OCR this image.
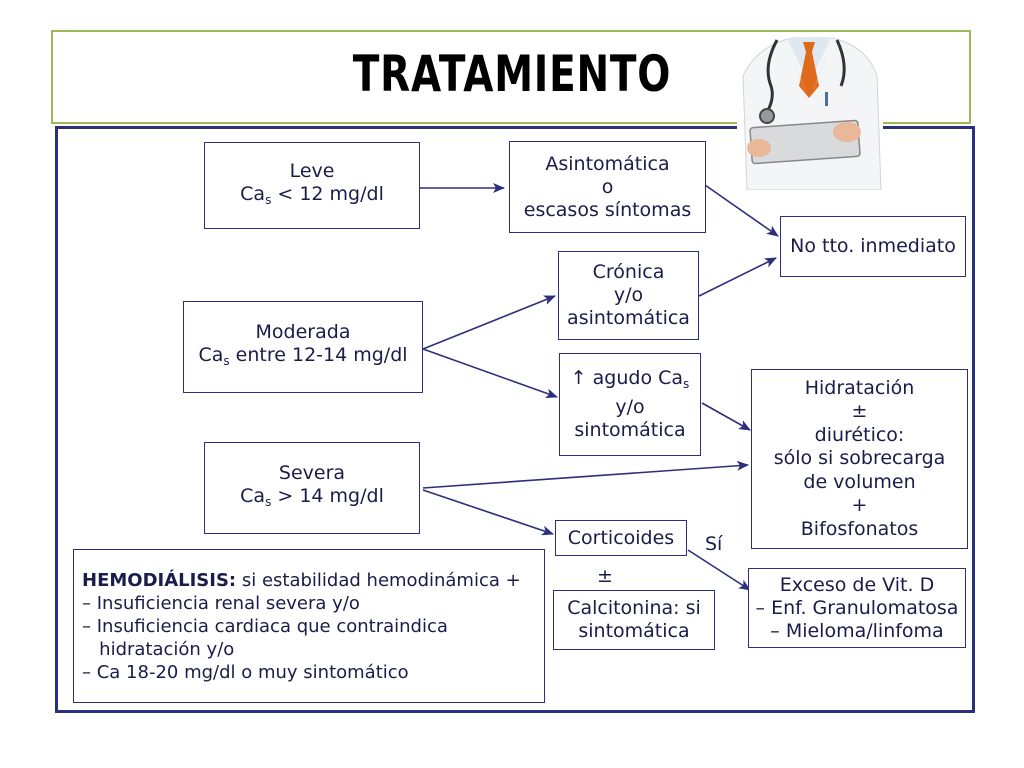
TRATAMIENTO
Leve
$Ca_s < 12$ mg/dl
Asintomática
o
escasos síntomas
No tto. inmediato
Crónica
y/o
asintomática
Moderada
$Ca_s$ entre 12-14 mg/dl
↑ agudo $Ca_s$
y/o
sintomática
Hidratación
±
diurético:
sólo si sobrecarga
de volumen
+
Bifosfonatos
Severa
$Ca_s > 14$ mg/dl
Corticoides Sí
±
Calcitonina: si
sintomática
Exceso de Vit. D
– Enf. Granulomatosa
– Mieloma/linfoma
HEMODIÁLISIS: si estabilidad hemodinámica +
– Insuficiencia renal severa y/o
– Insuficiencia cardiaca que contraindica
hidratación y/o
– Ca 18-20 mg/dl o muy sintomático
